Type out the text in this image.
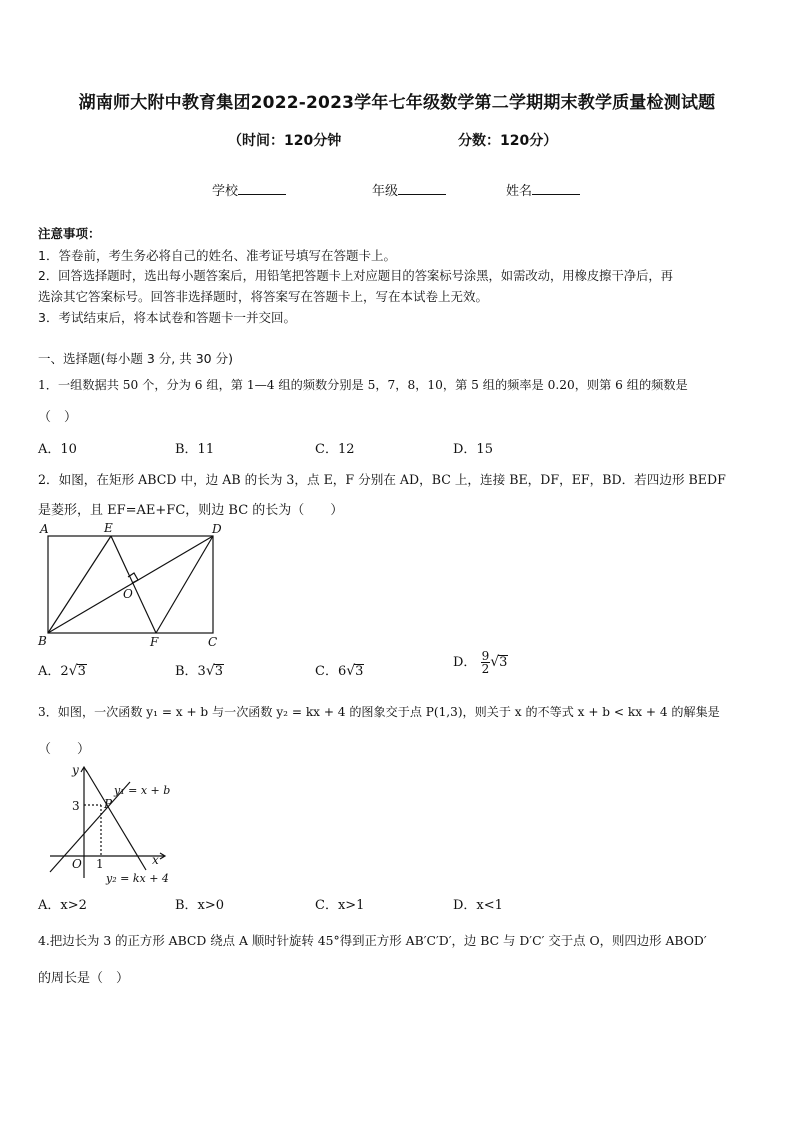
湖南师大附中教育集团2022-2023学年七年级数学第二学期期末教学质量检测试题
（时间：120分钟	分数：120分）
学校	年级	姓名
注意事项：
1．答卷前，考生务必将自己的姓名、准考证号填写在答题卡上。
2．回答选择题时，选出每小题答案后，用铅笔把答题卡上对应题目的答案标号涂黑，如需改动，用橡皮擦干净后，再
选涂其它答案标号。回答非选择题时，将答案写在答题卡上，写在本试卷上无效。
3．考试结束后，将本试卷和答题卡一并交回。
一、选择题(每小题 3 分, 共 30 分)
1．一组数据共 50 个，分为 6 组，第 1—4 组的频数分别是 5，7，8，10，第 5 组的频率是 0.20，则第 6 组的频数是
（　）
A．10	B．11	C．12	D．15
2．如图，在矩形 ABCD 中，边 AB 的长为 3，点 E，F 分别在 AD，BC 上，连接 BE，DF，EF，BD．若四边形 BEDF
是菱形，且 EF=AE+FC，则边 BC 的长为（　　）
A	E	D
O
B	F	C
A．2√3	B．3√3	C．6√3
D． $\frac{9}{2} √3$
3．如图，一次函数 y₁ = x + b 与一次函数 y₂ = kx + 4 的图象交于点 P(1,3)，则关于 x 的不等式 x + b < kx + 4 的解集是
（　　）
y
x
O 1
3 P
y₁ = x + b
y₂ = kx + 4
A．x>2	B．x>0	C．x>1	D．x<1
4.把边长为 3 的正方形 ABCD 绕点 A 顺时针旋转 45°得到正方形 AB′C′D′，边 BC 与 D′C′ 交于点 O，则四边形 ABOD′
的周长是（　）
